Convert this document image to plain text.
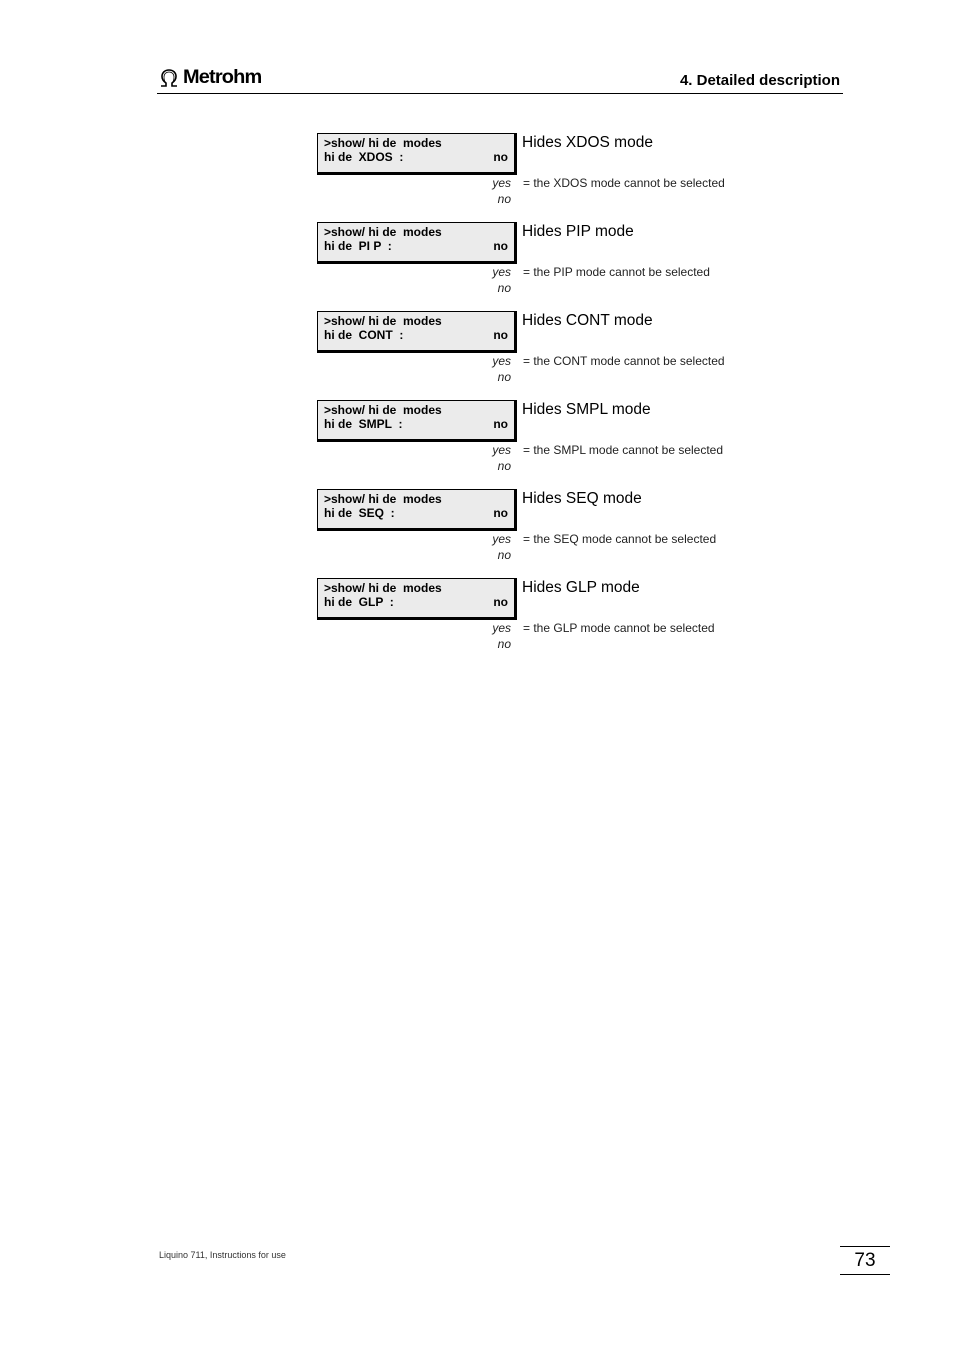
Metrohm	4. Detailed description
>show/ hi de  modes
hi de  XDOS  :	no
Hides XDOS mode
yes = the XDOS mode cannot be selected
no
>show/ hi de  modes
hi de  PI P  :	no
Hides PIP mode
yes = the PIP mode cannot be selected
no
>show/ hi de  modes
hi de  CONT  :	no
Hides CONT mode
yes = the CONT mode cannot be selected
no
>show/ hi de  modes
hi de  SMPL  :	no
Hides SMPL mode
yes = the SMPL mode cannot be selected
no
>show/ hi de  modes
hi de  SEQ  :	no
Hides SEQ mode
yes = the SEQ mode cannot be selected
no
>show/ hi de  modes
hi de  GLP  :	no
Hides GLP mode
yes = the GLP mode cannot be selected
no
Liquino 711, Instructions for use	73
